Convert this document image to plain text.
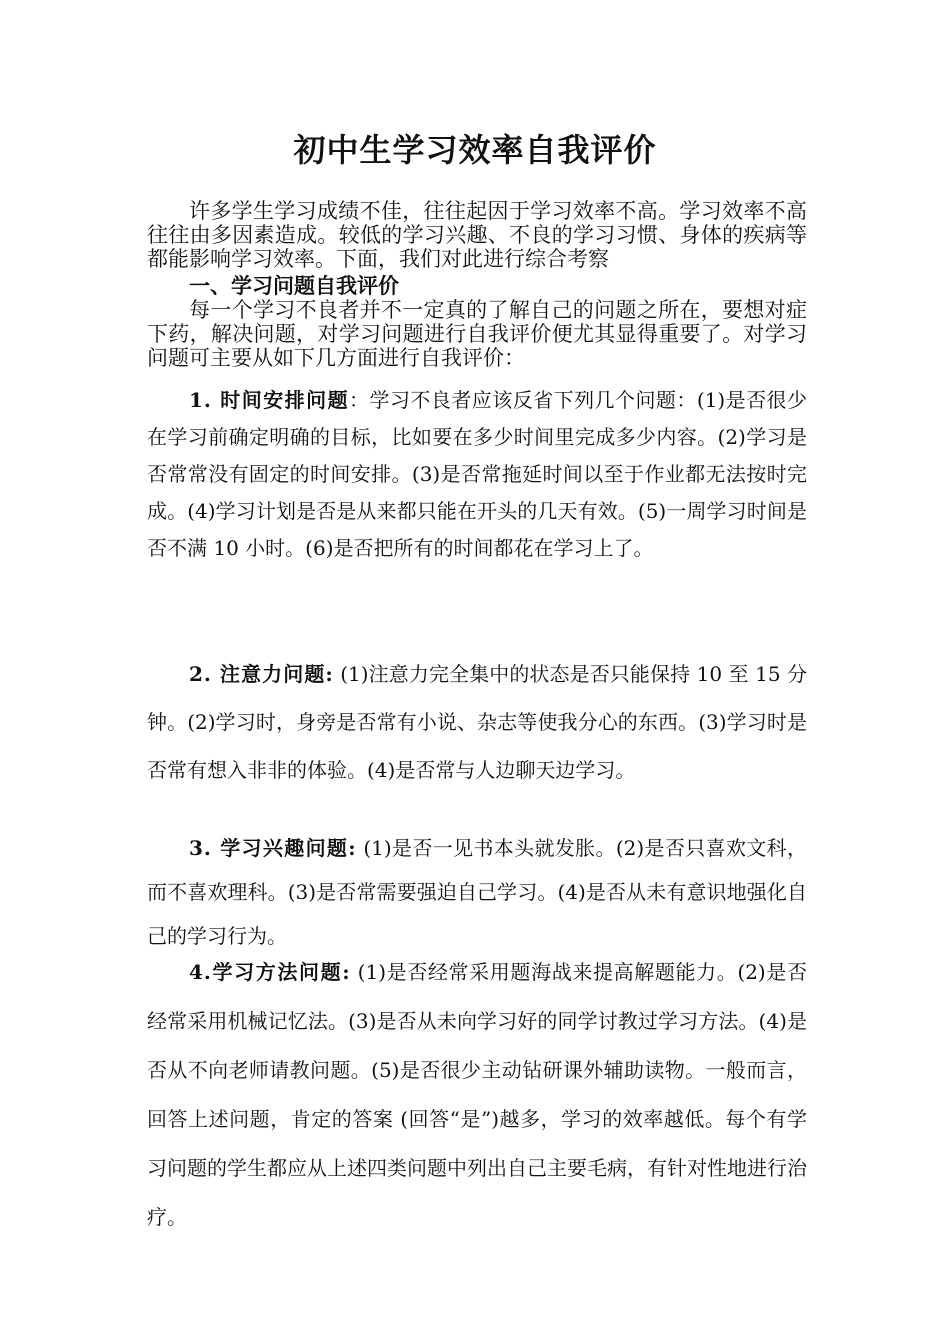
初中生学习效率自我评价

许多学生学习成绩不佳，往往起因于学习效率不高。学习效率不高往往由多因素造成。较低的学习兴趣、不良的学习习惯、身体的疾病等都能影响学习效率。下面，我们对此进行综合考察

一、学习问题自我评价

每一个学习不良者并不一定真的了解自己的问题之所在，要想对症下药，解决问题，对学习问题进行自我评价便尤其显得重要了。对学习问题可主要从如下几方面进行自我评价：

1. 时间安排问题：学习不良者应该反省下列几个问题：(1)是否很少在学习前确定明确的目标，比如要在多少时间里完成多少内容。(2)学习是否常常没有固定的时间安排。(3)是否常拖延时间以至于作业都无法按时完成。(4)学习计划是否是从来都只能在开头的几天有效。(5)一周学习时间是否不满 10 小时。(6)是否把所有的时间都花在学习上了。

2. 注意力问题: (1)注意力完全集中的状态是否只能保持 10 至 15 分钟。(2)学习时，身旁是否常有小说、杂志等使我分心的东西。(3)学习时是否常有想入非非的体验。(4)是否常与人边聊天边学习。

3. 学习兴趣问题: (1)是否一见书本头就发胀。(2)是否只喜欢文科，而不喜欢理科。(3)是否常需要强迫自己学习。(4)是否从未有意识地强化自己的学习行为。

4.学习方法问题: (1)是否经常采用题海战来提高解题能力。(2)是否经常采用机械记忆法。(3)是否从未向学习好的同学讨教过学习方法。(4)是否从不向老师请教问题。(5)是否很少主动钻研课外辅助读物。一般而言，回答上述问题，肯定的答案 (回答“是”)越多，学习的效率越低。每个有学习问题的学生都应从上述四类问题中列出自己主要毛病，有针对性地进行治疗。
